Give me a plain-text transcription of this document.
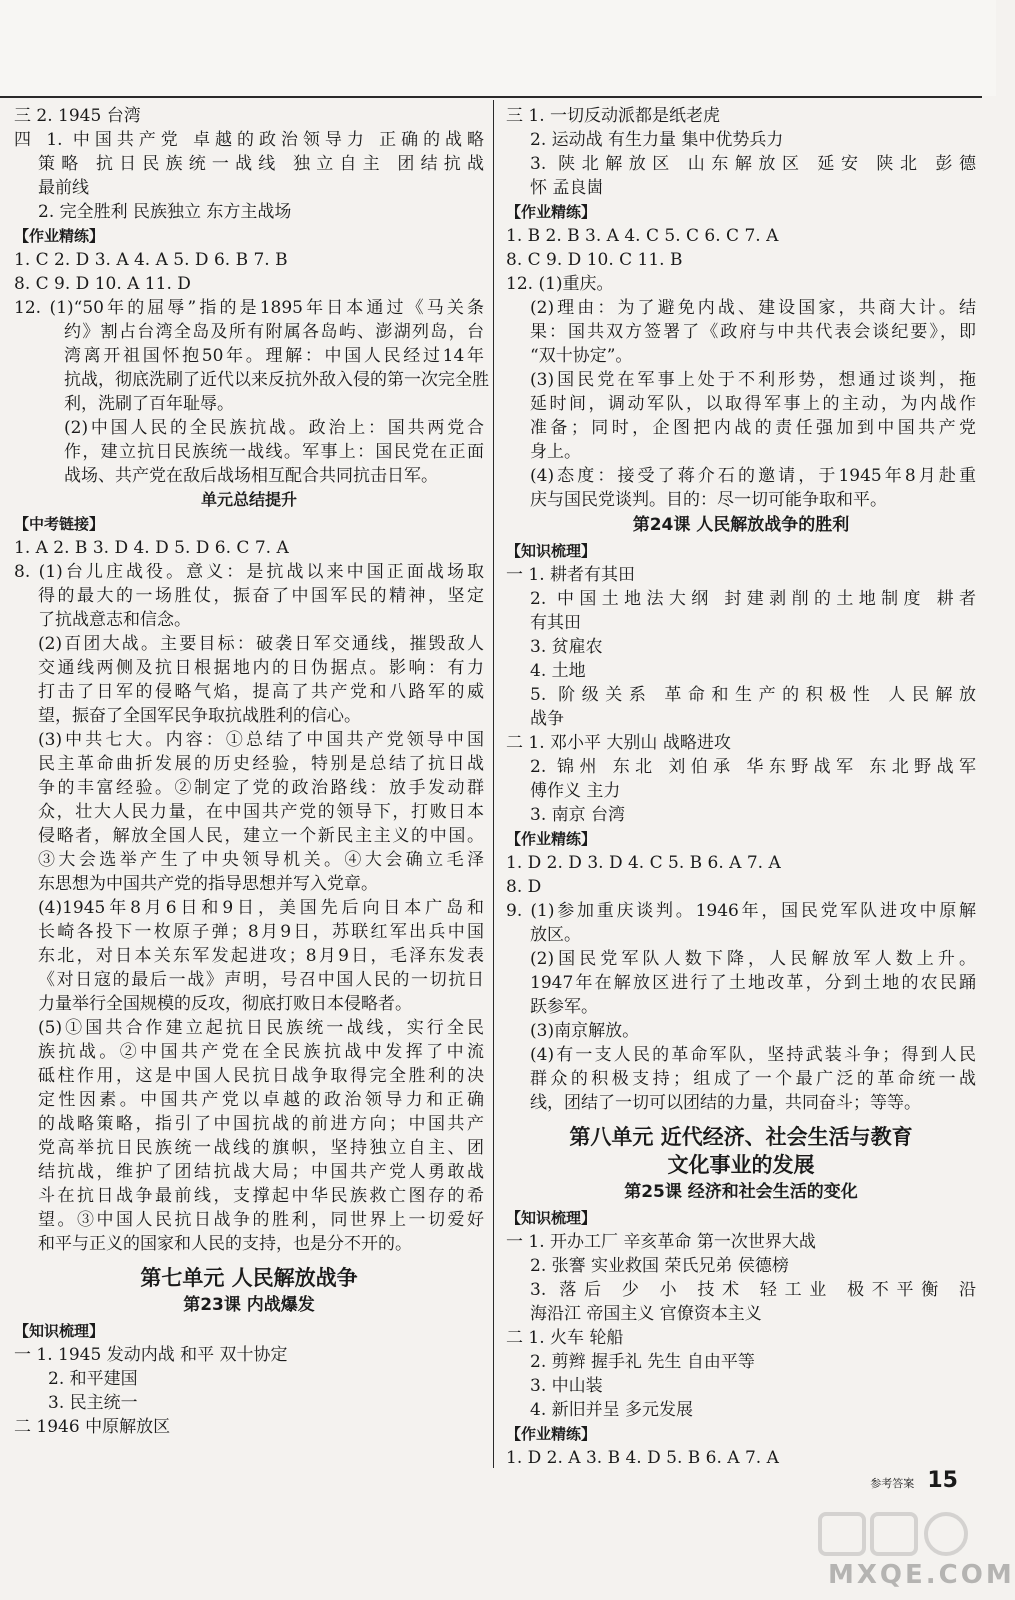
三 2. 1945 台湾
四 1. 中国共产党 卓越的政治领导力 正确的战略
策略 抗日民族统一战线 独立自主 团结抗战
最前线
2. 完全胜利 民族独立 东方主战场
【作业精练】
1. C 2. D 3. A 4. A 5. D 6. B 7. B
8. C 9. D 10. A 11. D
12. (1)“50年的屈辱”指的是1895年日本通过《马关条
约》割占台湾全岛及所有附属各岛屿、澎湖列岛，台
湾离开祖国怀抱50年。理解：中国人民经过14年
抗战，彻底洗刷了近代以来反抗外敌入侵的第一次完全胜
利，洗刷了百年耻辱。
(2)中国人民的全民族抗战。政治上：国共两党合
作，建立抗日民族统一战线。军事上：国民党在正面
战场、共产党在敌后战场相互配合共同抗击日军。
单元总结提升
【中考链接】
1. A 2. B 3. D 4. D 5. D 6. C 7. A
8. (1)台儿庄战役。意义：是抗战以来中国正面战场取
得的最大的一场胜仗，振奋了中国军民的精神，坚定
了抗战意志和信念。
(2)百团大战。主要目标：破袭日军交通线，摧毁敌人
交通线两侧及抗日根据地内的日伪据点。影响：有力
打击了日军的侵略气焰，提高了共产党和八路军的威
望，振奋了全国军民争取抗战胜利的信心。
(3)中共七大。内容：①总结了中国共产党领导中国
民主革命曲折发展的历史经验，特别是总结了抗日战
争的丰富经验。②制定了党的政治路线：放手发动群
众，壮大人民力量，在中国共产党的领导下，打败日本
侵略者，解放全国人民，建立一个新民主主义的中国。
③大会选举产生了中央领导机关。④大会确立毛泽
东思想为中国共产党的指导思想并写入党章。
(4)1945年8月6日和9日，美国先后向日本广岛和
长崎各投下一枚原子弹；8月9日，苏联红军出兵中国
东北，对日本关东军发起进攻；8月9日，毛泽东发表
《对日寇的最后一战》声明，号召中国人民的一切抗日
力量举行全国规模的反攻，彻底打败日本侵略者。
(5)①国共合作建立起抗日民族统一战线，实行全民
族抗战。②中国共产党在全民族抗战中发挥了中流
砥柱作用，这是中国人民抗日战争取得完全胜利的决
定性因素。中国共产党以卓越的政治领导力和正确
的战略策略，指引了中国抗战的前进方向；中国共产
党高举抗日民族统一战线的旗帜，坚持独立自主、团
结抗战，维护了团结抗战大局；中国共产党人勇敢战
斗在抗日战争最前线，支撑起中华民族救亡图存的希
望。③中国人民抗日战争的胜利，同世界上一切爱好
和平与正义的国家和人民的支持，也是分不开的。
第七单元 人民解放战争
第23课 内战爆发
【知识梳理】
一 1. 1945 发动内战 和平 双十协定
2. 和平建国
3. 民主统一
二 1946 中原解放区
三 1. 一切反动派都是纸老虎
2. 运动战 有生力量 集中优势兵力
3. 陕北解放区 山东解放区 延安 陕北 彭德
怀 孟良崮
【作业精练】
1. B 2. B 3. A 4. C 5. C 6. C 7. A
8. C 9. D 10. C 11. B
12. (1)重庆。
(2)理由：为了避免内战、建设国家，共商大计。结
果：国共双方签署了《政府与中共代表会谈纪要》，即
“双十协定”。
(3)国民党在军事上处于不利形势，想通过谈判，拖
延时间，调动军队，以取得军事上的主动，为内战作
准备；同时，企图把内战的责任强加到中国共产党
身上。
(4)态度：接受了蒋介石的邀请，于1945年8月赴重
庆与国民党谈判。目的：尽一切可能争取和平。
第24课 人民解放战争的胜利
【知识梳理】
一 1. 耕者有其田
2. 中国土地法大纲 封建剥削的土地制度 耕者
有其田
3. 贫雇农
4. 土地
5. 阶级关系 革命和生产的积极性 人民解放
战争
二 1. 邓小平 大别山 战略进攻
2. 锦州 东北 刘伯承 华东野战军 东北野战军
傅作义 主力
3. 南京 台湾
【作业精练】
1. D 2. D 3. D 4. C 5. B 6. A 7. A
8. D
9. (1)参加重庆谈判。1946年，国民党军队进攻中原解
放区。
(2)国民党军队人数下降，人民解放军人数上升。
1947年在解放区进行了土地改革，分到土地的农民踊
跃参军。
(3)南京解放。
(4)有一支人民的革命军队，坚持武装斗争；得到人民
群众的积极支持；组成了一个最广泛的革命统一战
线，团结了一切可以团结的力量，共同奋斗；等等。
第八单元 近代经济、社会生活与教育
文化事业的发展
第25课 经济和社会生活的变化
【知识梳理】
一 1. 开办工厂 辛亥革命 第一次世界大战
2. 张謇 实业救国 荣氏兄弟 侯德榜
3. 落后 少 小 技术 轻工业 极不平衡 沿
海沿江 帝国主义 官僚资本主义
二 1. 火车 轮船
2. 剪辫 握手礼 先生 自由平等
3. 中山装
4. 新旧并呈 多元发展
【作业精练】
1. D 2. A 3. B 4. D 5. B 6. A 7. A
参考答案 15
MXQE.COM
